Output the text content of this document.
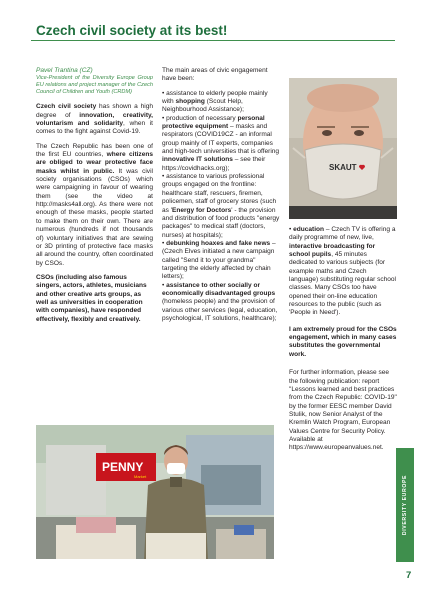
Czech civil society at its best!
Pavel Trantina (CZ)
Vice-President of the Diversity Europe Group EU relations and project manager of the Czech Council of Children and Youth (CRDM)

Czech civil society has shown a high degree of innovation, creativity, voluntarism and solidarity, when it comes to the fight against Covid-19.

The Czech Republic has been one of the first EU countries, where citizens are obliged to wear protective face masks whilst in public. It was civil society organisations (CSOs) which were campaigning in favour of wearing them (see the video at http://masks4all.org). As there were not enough of these masks, people started to make them on their own. There are numerous (hundreds if not thousands of) voluntary initiatives that are sewing or 3D printing of protective face masks all around the country, often coordinated by CSOs.

CSOs (including also famous singers, actors, athletes, musicians and other creative arts groups, as well as universities in cooperation with companies), have responded effectively, flexibly and creatively.

The main areas of civic engagement have been:

• assistance to elderly people mainly with shopping (Scout Help, Neighbourhood Assistance);
• production of necessary personal protective equipment – masks and respirators (COVID19CZ - an informal group mainly of IT experts, companies and high-tech universities that is offering innovative IT solutions – see their https://covidhacks.org);
• assistance to various professional groups engaged on the frontline: healthcare staff, rescuers, firemen, policemen, staff of grocery stores (such as 'Energy for Doctors' - the provision and distribution of food products "energy packages" to medical staff (doctors, nurses) at hospitals);
• debunking hoaxes and fake news – (Czech Elves initiated a new campaign called "Send it to your grandma" targeting the elderly affected by chain letters);
• assistance to other socially or economically disadvantaged groups (homeless people) and the provision of various other services (legal, education, psychological, IT solutions, healthcare);
SKAUT

• education – Czech TV is offering a daily programme of new, live, interactive broadcasting for school pupils, 45 minutes dedicated to various subjects (for example maths and Czech language) substituting regular school classes. Many CSOs too have opened their on-line education resources to the public (such as 'People in Need').

I am extremely proud for the CSOs engagement, which in many cases substitutes the governmental work.

For further information, please see the following publication: report "Lessons learned and best practices from the Czech Republic: COVID-19" by the former EESC member David Stulik, now Senior Analyst of the Kremlin Watch Program, European Values Centre for Security Policy. Available at https://www.europeanvalues.net.

PENNY
Market	DIVERSITY EUROPE
7
